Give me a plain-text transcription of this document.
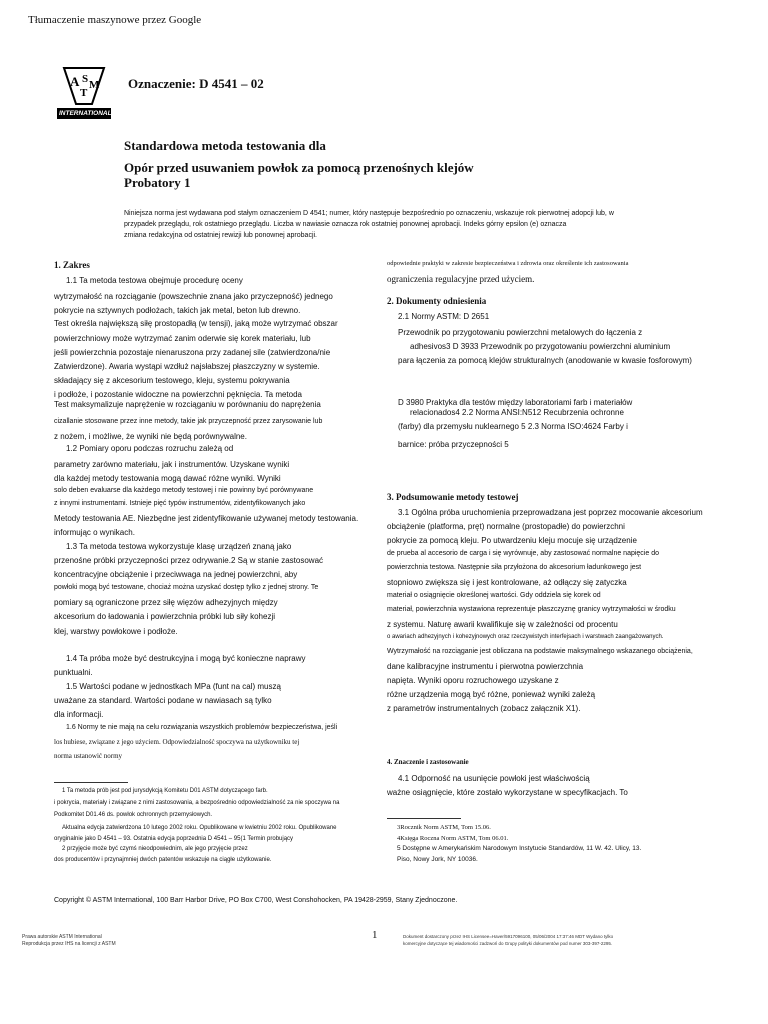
Tłumaczenie maszynowe przez Google
A S
T
M
INTERNATIONAL
Oznaczenie: D 4541 – 02
Standardowa metoda testowania dla
Opór przed usuwaniem powłok za pomocą przenośnych klejów
Probatory 1
Niniejsza norma jest wydawana pod stałym oznaczeniem D 4541; numer, który następuje bezpośrednio po oznaczeniu, wskazuje rok pierwotnej adopcji lub, w
przypadek przeglądu, rok ostatniego przeglądu. Liczba w nawiasie oznacza rok ostatniej ponownej aprobacji. Indeks górny epsilon (e) oznacza
zmiana redakcyjna od ostatniej rewizji lub ponownej aprobacji.
1. Zakres
1.1 Ta metoda testowa obejmuje procedurę oceny
wytrzymałość na rozciąganie (powszechnie znana jako przyczepność) jednego
pokrycie na sztywnych podłożach, takich jak metal, beton lub drewno.
Test określa największą siłę prostopadłą (w tensji), jaką może wytrzymać obszar
powierzchniowy może wytrzymać zanim oderwie się korek materiału, lub
jeśli powierzchnia pozostaje nienaruszona przy zadanej sile (zatwierdzona/nie
Zatwierdzone). Awaria wystąpi wzdłuż najsłabszej płaszczyzny w systemie.
składający się z akcesorium testowego, kleju, systemu pokrywania
i podłoże, i pozostanie widoczne na powierzchni pęknięcia. Ta metoda
Test maksymalizuje naprężenie w rozciąganiu w porównaniu do naprężenia
cizallanie stosowane przez inne metody, takie jak przyczepność przez zarysowanie lub
z nożem, i możliwe, że wyniki nie będą porównywalne.
1.2 Pomiary oporu podczas rozruchu zależą od
parametry zarówno materiału, jak i instrumentów. Uzyskane wyniki
dla każdej metody testowania mogą dawać różne wyniki. Wyniki
solo deben evaluarse dla każdego metody testowej i nie powinny być porównywane
z innymi instrumentami. Istnieje pięć typów instrumentów, zidentyfikowanych jako
Metody testowania AE. Niezbędne jest zidentyfikowanie używanej metody testowania.
informując o wynikach.
1.3 Ta metoda testowa wykorzystuje klasę urządzeń znaną jako
przenośne próbki przyczepności przez odrywanie.2 Są w stanie zastosować
koncentracyjne obciążenie i przeciwwaga na jednej powierzchni, aby
powłoki mogą być testowane, chociaż można uzyskać dostęp tylko z jednej strony. Te
pomiary są ograniczone przez siłę więzów adhezyjnych między
akcesorium do ładowania i powierzchnia próbki lub siły kohezji
klej, warstwy powłokowe i podłoże.
1.4 Ta próba może być destrukcyjna i mogą być konieczne naprawy
punktualni.
1.5 Wartości podane w jednostkach MPa (funt na cal) muszą
uważane za standard. Wartości podane w nawiasach są tylko
dla informacji.
1.6 Normy te nie mają na celu rozwiązania wszystkich problemów bezpieczeństwa, jeśli
los hubiese, związane z jego użyciem. Odpowiedzialność spoczywa na użytkowniku tej
norma ustanowić normy
1 Ta metoda prób jest pod jurysdykcją Komitetu D01 ASTM dotyczącego farb.
i pokrycia, materiały i związane z nimi zastosowania, a bezpośrednio odpowiedzialność za nie spoczywa na
Podkomitet D01.46 ds. powłok ochronnych przemysłowych.
Aktualna edycja zatwierdzona 10 lutego 2002 roku. Opublikowane w kwietniu 2002 roku. Opublikowane
oryginalnie jako D 4541 – 93. Ostatnia edycja poprzednia D 4541 – 95(1 Termin probujący
2 przyjęcie może być czymś nieodpowiednim, ale jego przyjęcie przez
dos producentów i przynajmniej dwóch patentów wskazuje na ciągłe użytkowanie.
odpowiednie praktyki w zakresie bezpieczeństwa i zdrowia oraz określenie ich zastosowania
ograniczenia regulacyjne przed użyciem.
2. Dokumenty odniesienia
2.1 Normy ASTM: D 2651
Przewodnik po przygotowaniu powierzchni metalowych do łączenia z
adhesivos3 D 3933 Przewodnik po przygotowaniu powierzchni aluminium
para łączenia za pomocą klejów strukturalnych (anodowanie w kwasie fosforowym)
D 3980 Praktyka dla testów między laboratoriami farb i materiałów
relacionados4 2.2 Norma ANSI:N512 Recubrzenia ochronne
(farby) dla przemysłu nuklearnego 5 2.3 Norma ISO:4624 Farby i
barnice: próba przyczepności 5
3. Podsumowanie metody testowej
3.1 Ogólna próba uruchomienia przeprowadzana jest poprzez mocowanie akcesorium
obciążenie (platforma, pręt) normalne (prostopadłe) do powierzchni
pokrycie za pomocą kleju. Po utwardzeniu kleju mocuje się urządzenie
de prueba al accesorio de carga i się wyrównuje, aby zastosować normalne napięcie do
powierzchnia testowa. Następnie siła przyłożona do akcesorium ładunkowego jest
stopniowo zwiększa się i jest kontrolowane, aż odłączy się zatyczka
materiał o osiągnięcie określonej wartości. Gdy oddziela się korek od
materiał, powierzchnia wystawiona reprezentuje płaszczyznę granicy wytrzymałości w środku
z systemu. Naturę awarii kwalifikuje się w zależności od procentu
o awariach adhezyjnych i kohezyjnowych oraz rzeczywistych interfejsach i warstwach zaangażowanych.
Wytrzymałość na rozciąganie jest obliczana na podstawie maksymalnego wskazanego obciążenia,
dane kalibracyjne instrumentu i pierwotna powierzchnia
napięta. Wyniki oporu rozruchowego uzyskane z
różne urządzenia mogą być różne, ponieważ wyniki zależą
z parametrów instrumentalnych (zobacz załącznik X1).
4. Znaczenie i zastosowanie
4.1 Odporność na usunięcie powłoki jest właściwością
ważne osiągnięcie, które zostało wykorzystane w specyfikacjach. To
3Rocznik Norm ASTM, Tom 15.06.
4Księga Roczna Norm ASTM, Tom 06.01.
5 Dostępne w Amerykańskim Narodowym Instytucie Standardów, 11 W. 42. Ulicy, 13.
Piso, Nowy Jork, NY 10036.
Copyright © ASTM International, 100 Barr Harbor Drive, PO Box C700, West Conshohocken, PA 19428-2959, Stany Zjednoczone.
Prawa autorskie ASTM International
Reprodukcja przez IHS na licencji z ASTM
1	Dokument dostarczony przez IHS Licensee=Haver/5917096100, 05/06/2004 17:37:46 MDT Wydano tylko
komercyjne dotyczące tej wiadomości zadzwoń do Grupy polityki dokumentów pod numer 303-397-2295.
